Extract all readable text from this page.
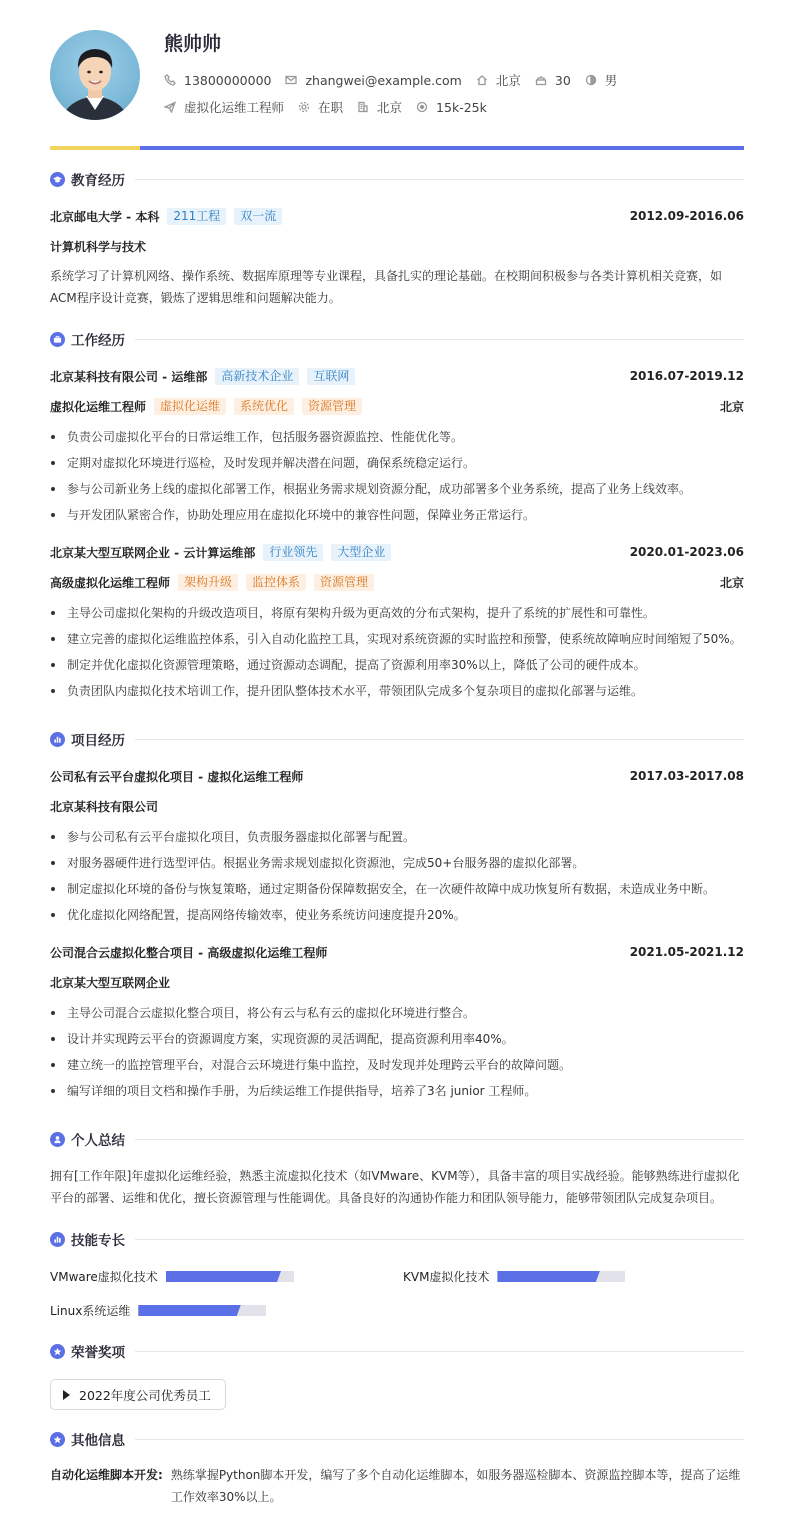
熊帅帅
13800000000	zhangwei@example.com	北京	30	男
虚拟化运维工程师	在职	北京	15k-25k
教育经历
北京邮电大学 - 本科	211工程	双一流	2012.09-2016.06
计算机科学与技术
系统学习了计算机网络、操作系统、数据库原理等专业课程，具备扎实的理论基础。在校期间积极参与各类计算机相关竞赛，如ACM程序设计竞赛，锻炼了逻辑思维和问题解决能力。
工作经历
北京某科技有限公司 - 运维部	高新技术企业	互联网	2016.07-2019.12
虚拟化运维工程师	虚拟化运维	系统优化	资源管理	北京
负责公司虚拟化平台的日常运维工作，包括服务器资源监控、性能优化等。
定期对虚拟化环境进行巡检，及时发现并解决潜在问题，确保系统稳定运行。
参与公司新业务上线的虚拟化部署工作，根据业务需求规划资源分配，成功部署多个业务系统，提高了业务上线效率。
与开发团队紧密合作，协助处理应用在虚拟化环境中的兼容性问题，保障业务正常运行。
北京某大型互联网企业 - 云计算运维部	行业领先	大型企业	2020.01-2023.06
高级虚拟化运维工程师	架构升级	监控体系	资源管理	北京
主导公司虚拟化架构的升级改造项目，将原有架构升级为更高效的分布式架构，提升了系统的扩展性和可靠性。
建立完善的虚拟化运维监控体系，引入自动化监控工具，实现对系统资源的实时监控和预警，使系统故障响应时间缩短了50%。
制定并优化虚拟化资源管理策略，通过资源动态调配，提高了资源利用率30%以上，降低了公司的硬件成本。
负责团队内虚拟化技术培训工作，提升团队整体技术水平，带领团队完成多个复杂项目的虚拟化部署与运维。
项目经历
公司私有云平台虚拟化项目 - 虚拟化运维工程师	2017.03-2017.08
北京某科技有限公司
参与公司私有云平台虚拟化项目，负责服务器虚拟化部署与配置。
对服务器硬件进行选型评估。根据业务需求规划虚拟化资源池，完成50+台服务器的虚拟化部署。
制定虚拟化环境的备份与恢复策略，通过定期备份保障数据安全，在一次硬件故障中成功恢复所有数据，未造成业务中断。
优化虚拟化网络配置，提高网络传输效率，使业务系统访问速度提升20%。
公司混合云虚拟化整合项目 - 高级虚拟化运维工程师	2021.05-2021.12
北京某大型互联网企业
主导公司混合云虚拟化整合项目，将公有云与私有云的虚拟化环境进行整合。
设计并实现跨云平台的资源调度方案，实现资源的灵活调配，提高资源利用率40%。
建立统一的监控管理平台，对混合云环境进行集中监控，及时发现并处理跨云平台的故障问题。
编写详细的项目文档和操作手册，为后续运维工作提供指导，培养了3名 junior 工程师。
个人总结
拥有[工作年限]年虚拟化运维经验，熟悉主流虚拟化技术（如VMware、KVM等），具备丰富的项目实战经验。能够熟练进行虚拟化平台的部署、运维和优化，擅长资源管理与性能调优。具备良好的沟通协作能力和团队领导能力，能够带领团队完成复杂项目。
技能专长
VMware虚拟化技术	KVM虚拟化技术
Linux系统运维
荣誉奖项
2022年度公司优秀员工
其他信息
自动化运维脚本开发: 熟练掌握Python脚本开发，编写了多个自动化运维脚本，如服务器巡检脚本、资源监控脚本等，提高了运维工作效率30%以上。
